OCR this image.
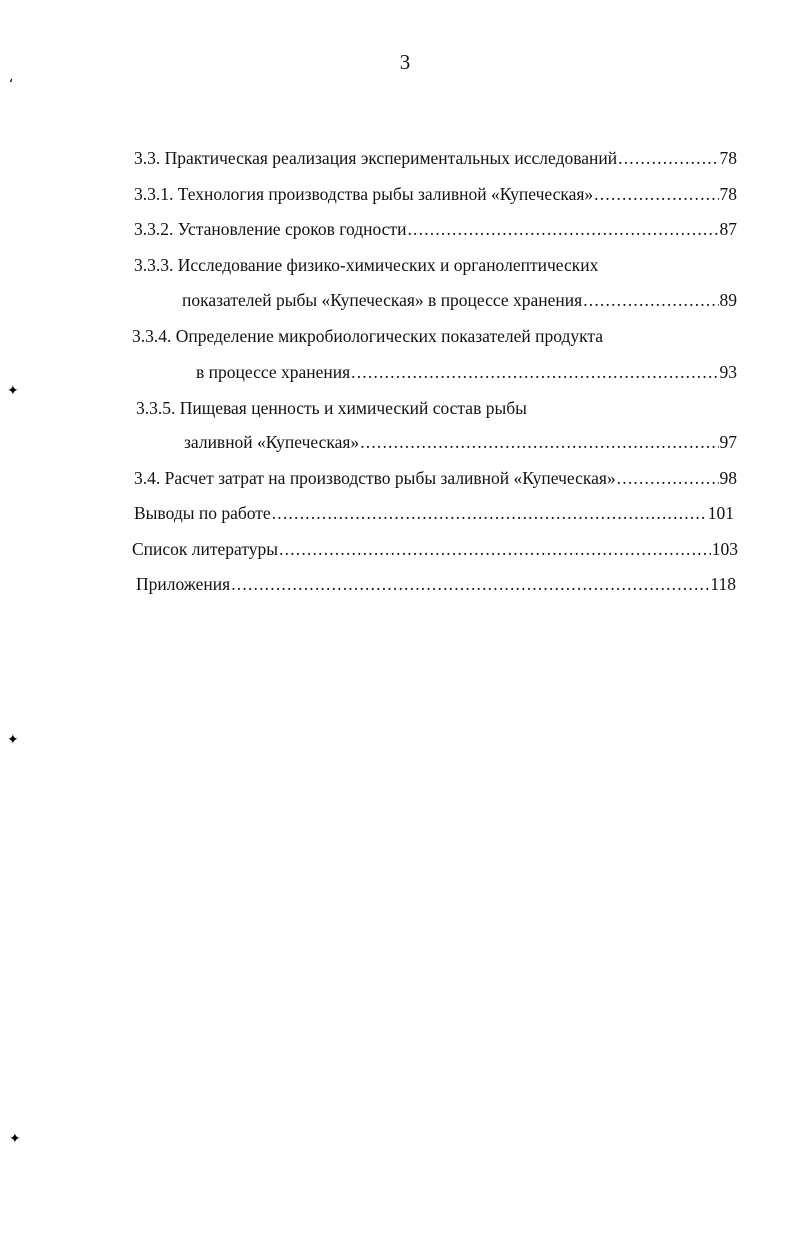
3
3.3. Практическая реализация экспериментальных исследований .....	78
3.3.1. Технология производства рыбы заливной «Купеческая» .....	78
3.3.2. Установление сроков годности .....	87
3.3.3. Исследование физико-химических и органолептических
показателей рыбы «Купеческая» в процессе хранения .....	89
3.3.4. Определение микробиологических показателей продукта
в процессе хранения .....	93
3.3.5. Пищевая ценность и химический состав рыбы
заливной «Купеческая» .....	97
3.4. Расчет затрат на производство рыбы заливной «Купеческая» .....	98
Выводы по работе .....	101
Список литературы .....	103
Приложения .....	118
ʻ
✦
✦
✦
